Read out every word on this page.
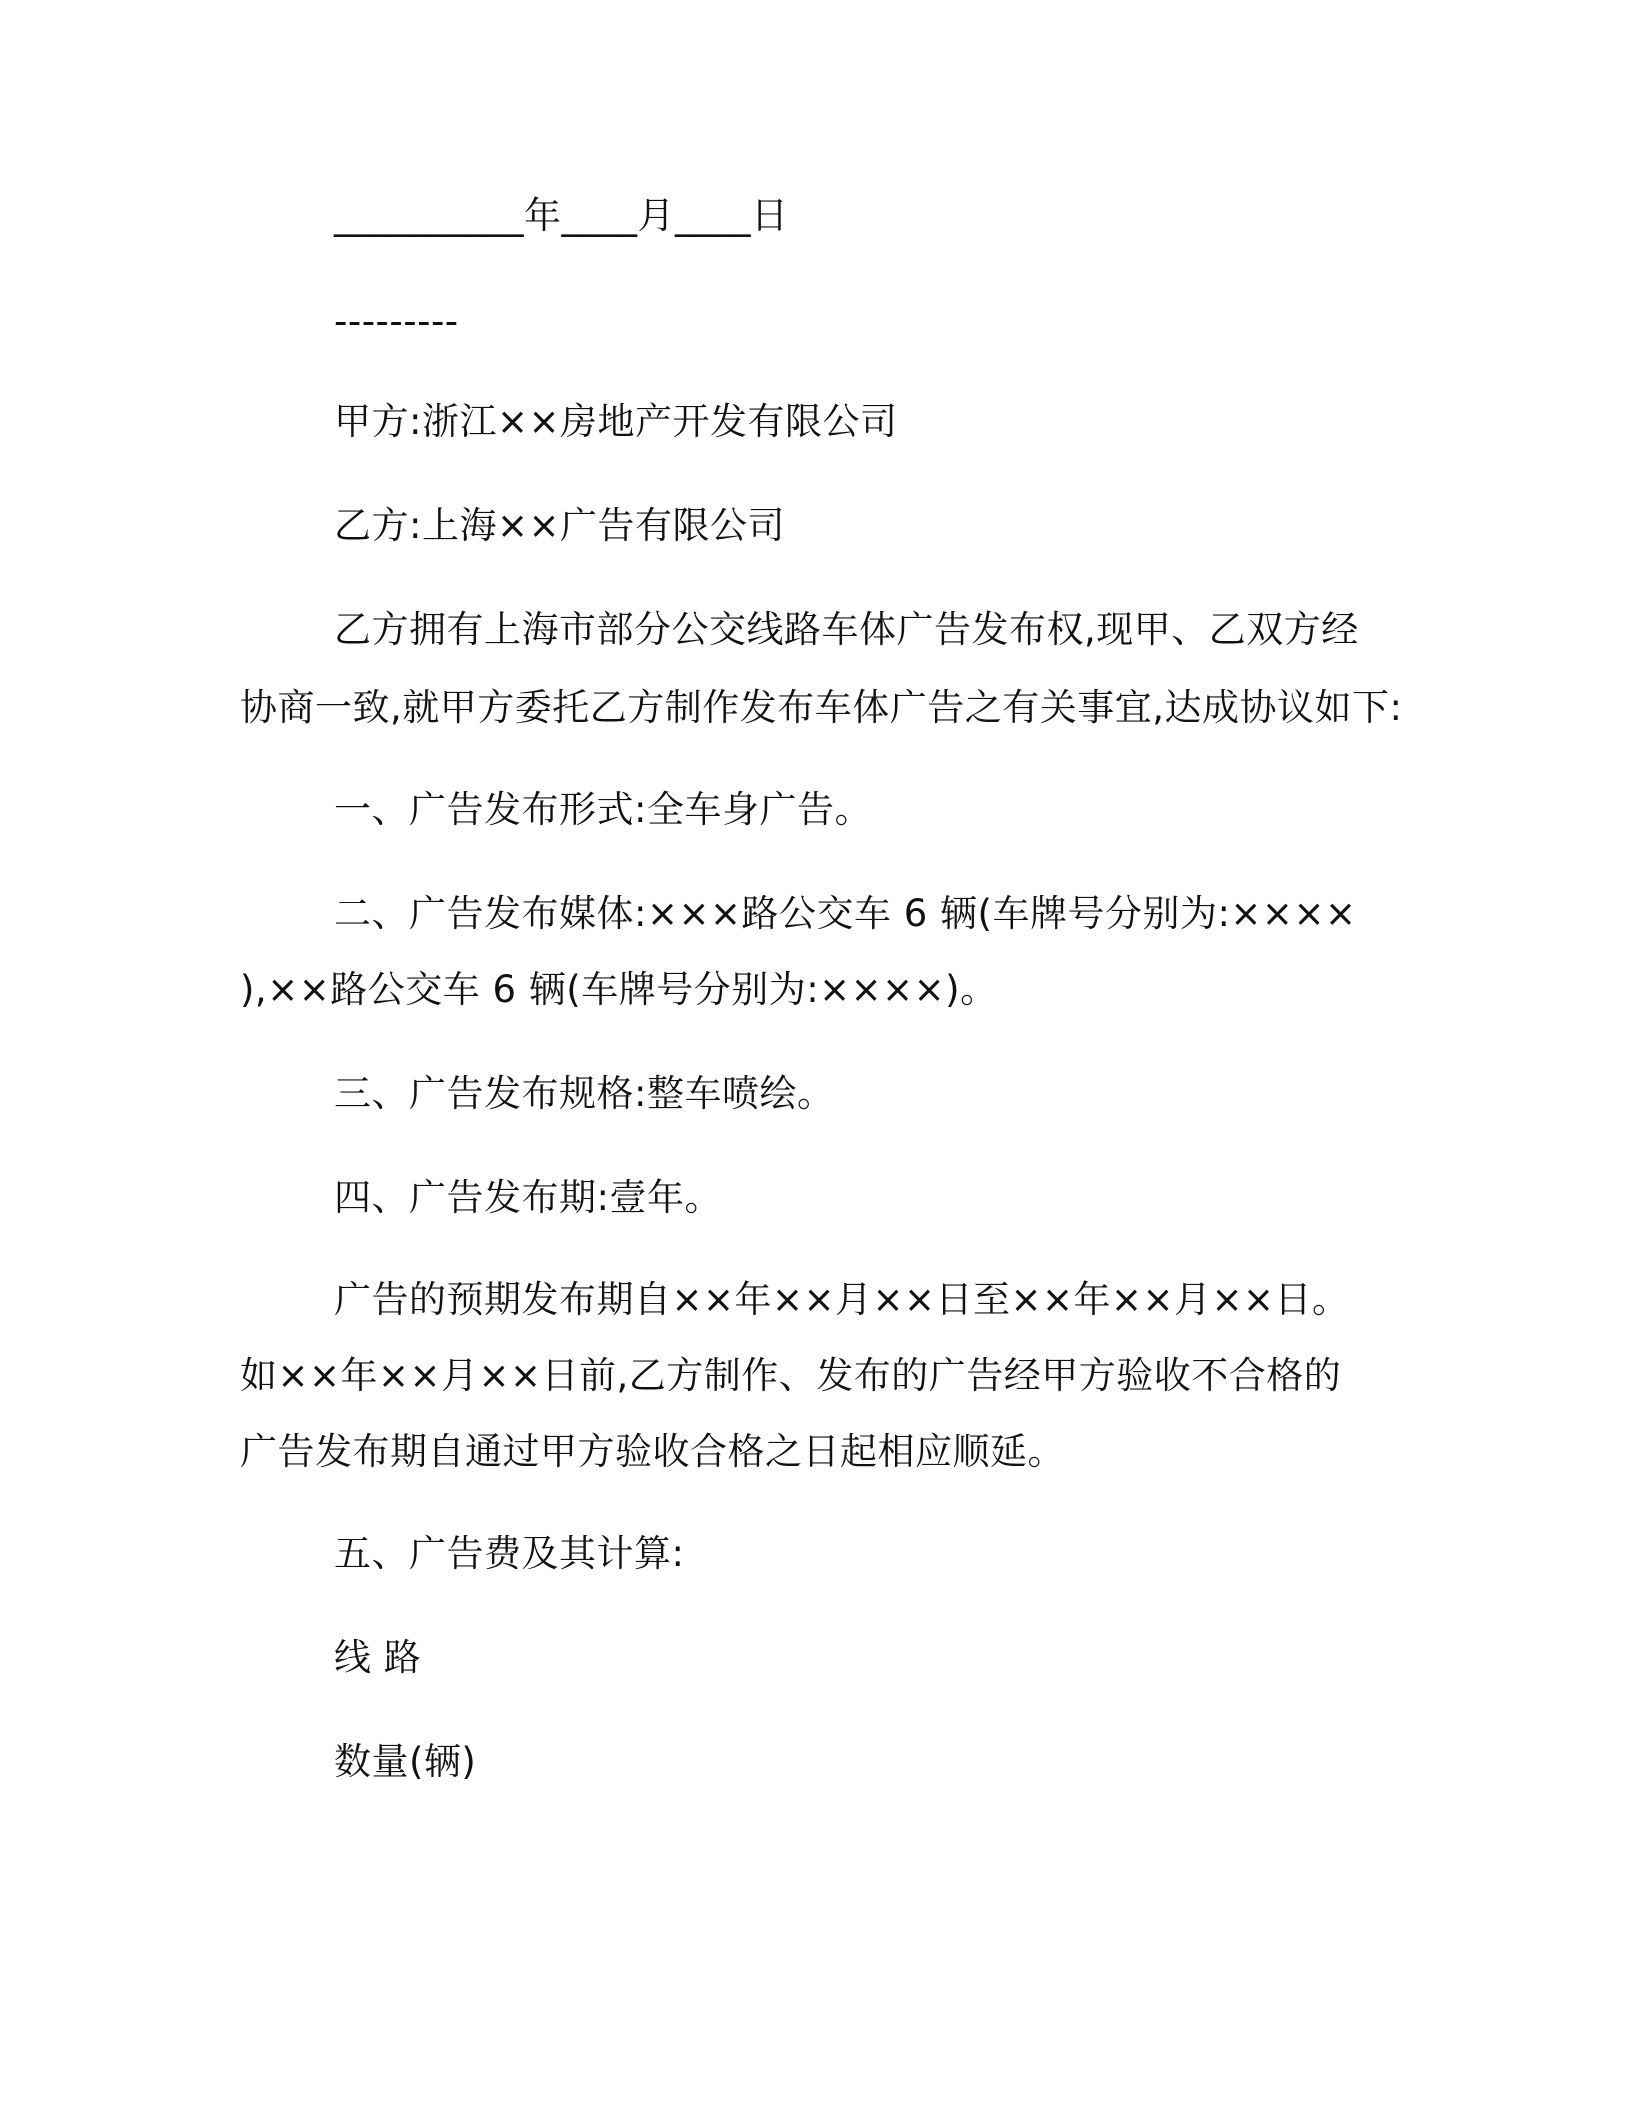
__________年____月____日

---------

甲方:浙江××房地产开发有限公司

乙方:上海××广告有限公司

乙方拥有上海市部分公交线路车体广告发布权,现甲、乙双方经

协商一致,就甲方委托乙方制作发布车体广告之有关事宜,达成协议如下:

一、广告发布形式:全车身广告。

二、广告发布媒体:×××路公交车 6 辆(车牌号分别为:××××

),××路公交车 6 辆(车牌号分别为:××××)。

三、广告发布规格:整车喷绘。

四、广告发布期:壹年。

广告的预期发布期自××年××月××日至××年××月××日。

如××年××月××日前,乙方制作、发布的广告经甲方验收不合格的

广告发布期自通过甲方验收合格之日起相应顺延。

五、广告费及其计算:

线 路

数量(辆)
